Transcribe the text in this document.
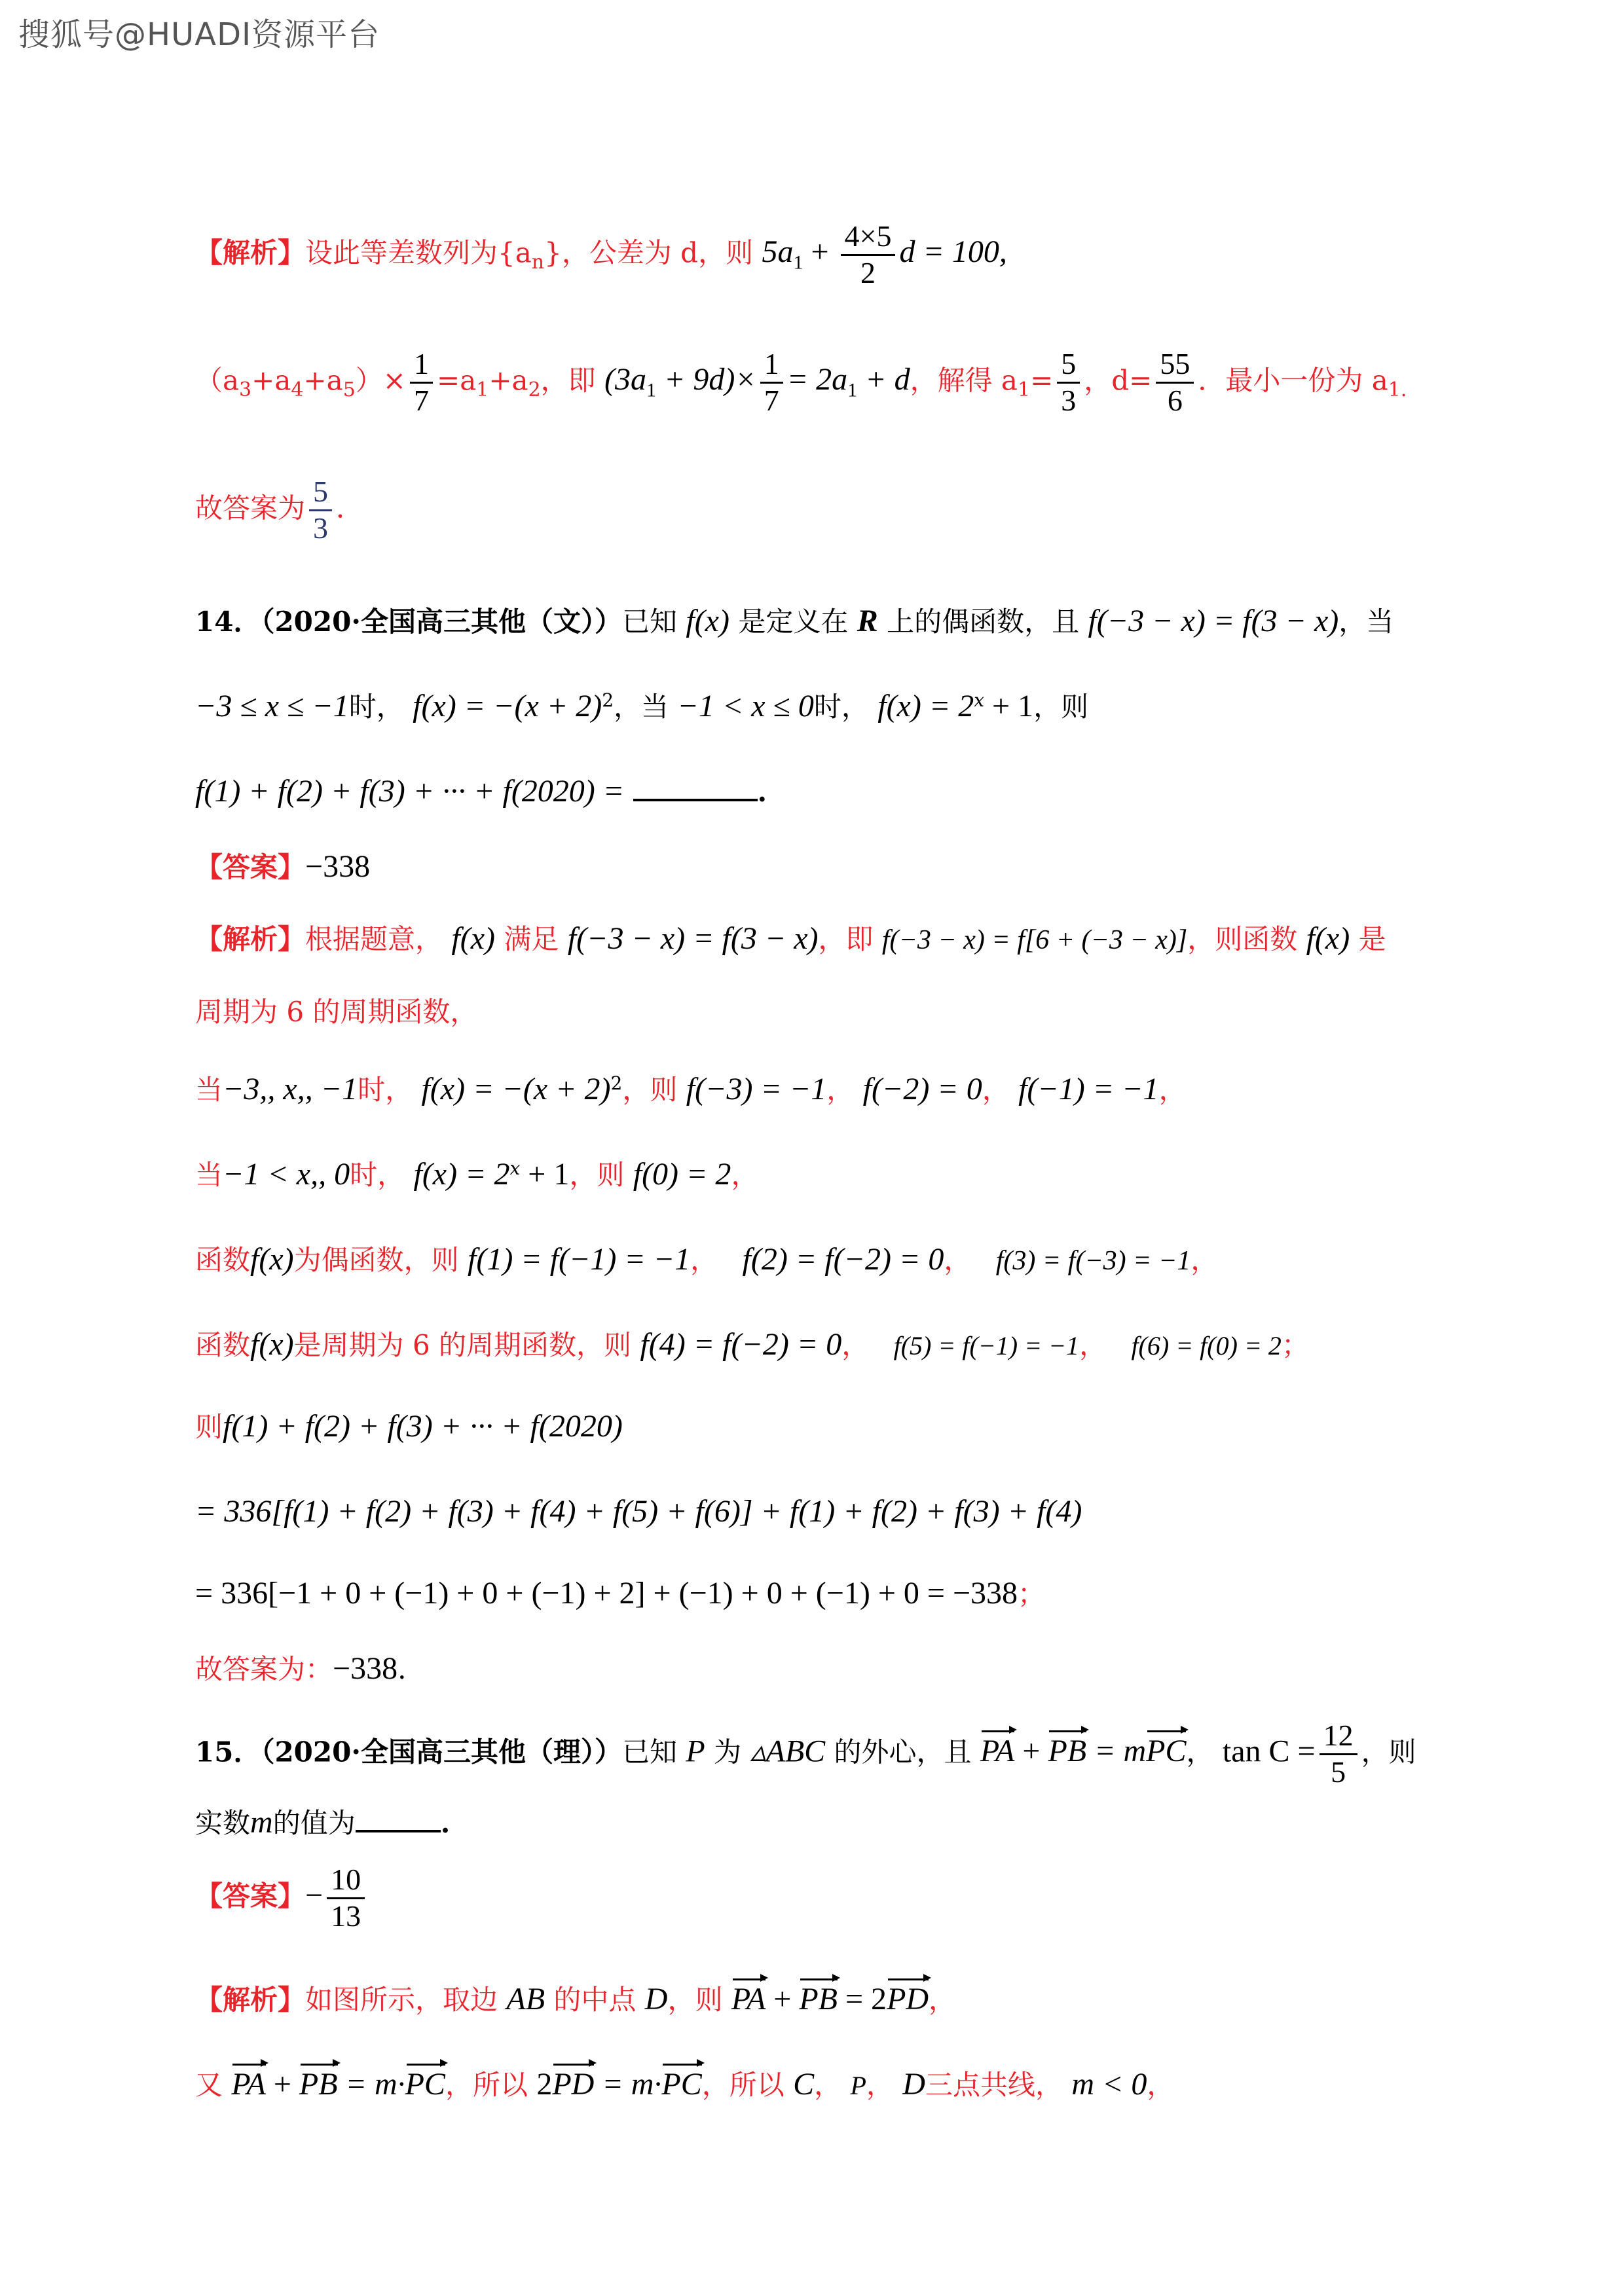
搜狐号@HUADI资源平台
【解析】设此等差数列为$\{a_n\}$，公差为 d，则 $5a_1 + \frac{4\times 5}{2}$ d = 100,
$(a_3+a_4+a_5)\times \frac{1}{7} =a_1+a_2$，即 $(3a_1 + 9d)\times \frac{1}{7} = 2a_1 + d$，解得 $a_1= \frac{5}{3}$ ，$d= \frac{55}{6}$ ．最小一份为 $a_{1.}$
故答案为 $\frac{5}{3}$ ．
14．（2020·全国高三其他（文））已知 f(x) 是定义在 R 上的偶函数，且 f(−3 − x) = f(3 − x)，当
−3 ≤ x ≤ −1时， $f(x) = -(x + 2)^2$，当 −1 < x ≤ 0时， $f(x) = 2^x + 1$，则
f(1) + f(2) + f(3) + ··· + f(2020) =	.
【答案】−338
【解析】根据题意， f(x) 满足 f(−3 − x) = f(3 − x)，即 f(−3 − x) = f[6 + (−3 − x)]，则函数 f(x) 是
周期为 6 的周期函数，
当−3,, x,, −1时， $f(x) = -(x + 2)^2$，则 f(−3) = −1， f(−2) = 0， f(−1) = −1，
当−1 < x,, 0时， $f(x) = 2^x + 1$，则 f(0) = 2，
函数f(x)为偶函数，则 f(1) = f(−1) = −1， f(2) = f(−2) = 0， f(3) = f(−3) = −1，
函数f(x)是周期为 6 的周期函数，则 f(4) = f(−2) = 0， f(5) = f(−1) = −1， f(6) = f(0) = 2；
则f(1) + f(2) + f(3) + ··· + f(2020)
= 336[f(1) + f(2) + f(3) + f(4) + f(5) + f(6)] + f(1) + f(2) + f(3) + f(4)
= 336[−1 + 0 + (−1) + 0 + (−1) + 2] + (−1) + 0 + (−1) + 0 = −338；
故答案为：−338.
15．（2020·全国高三其他（理））已知 P 为 ▵ABC 的外心，且 PA + PB = mPC， $\tan C = \frac{12}{5}$ ，则
实数m的值为	.
【答案】− $\frac{10}{13}$
【解析】如图所示，取边 AB 的中点 D，则 PA + PB = 2PD，
又 PA + PB = m·PC，所以 2PD = m·PC，所以 C， P， D三点共线， m < 0，
